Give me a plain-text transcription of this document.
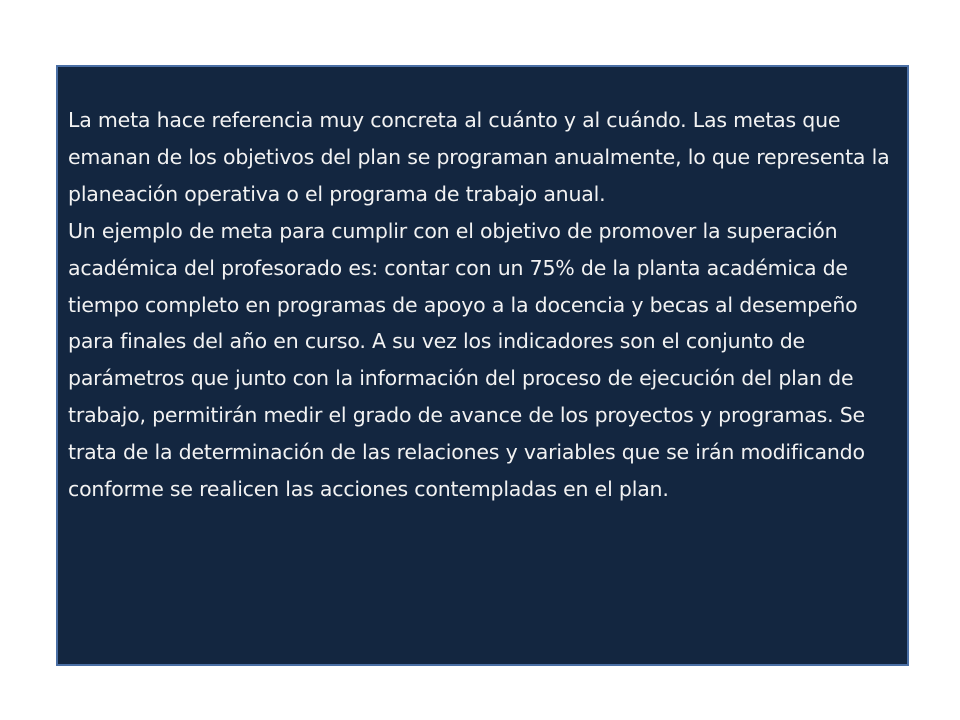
La meta hace referencia muy concreta al cuánto y al cuándo. Las metas que emanan de los objetivos del plan se programan anualmente, lo que representa la planeación operativa o el programa de trabajo anual.

Un ejemplo de meta para cumplir con el objetivo de promover la superación académica del profesorado es: contar con un 75% de la planta académica de tiempo completo en programas de apoyo a la docencia y becas al desempeño para finales del año en curso. A su vez los indicadores son el conjunto de parámetros que junto con la información del proceso de ejecución del plan de trabajo, permitirán medir el grado de avance de los proyectos y programas. Se trata de la determinación de las relaciones y variables que se irán modificando conforme se realicen las acciones contempladas en el plan.
